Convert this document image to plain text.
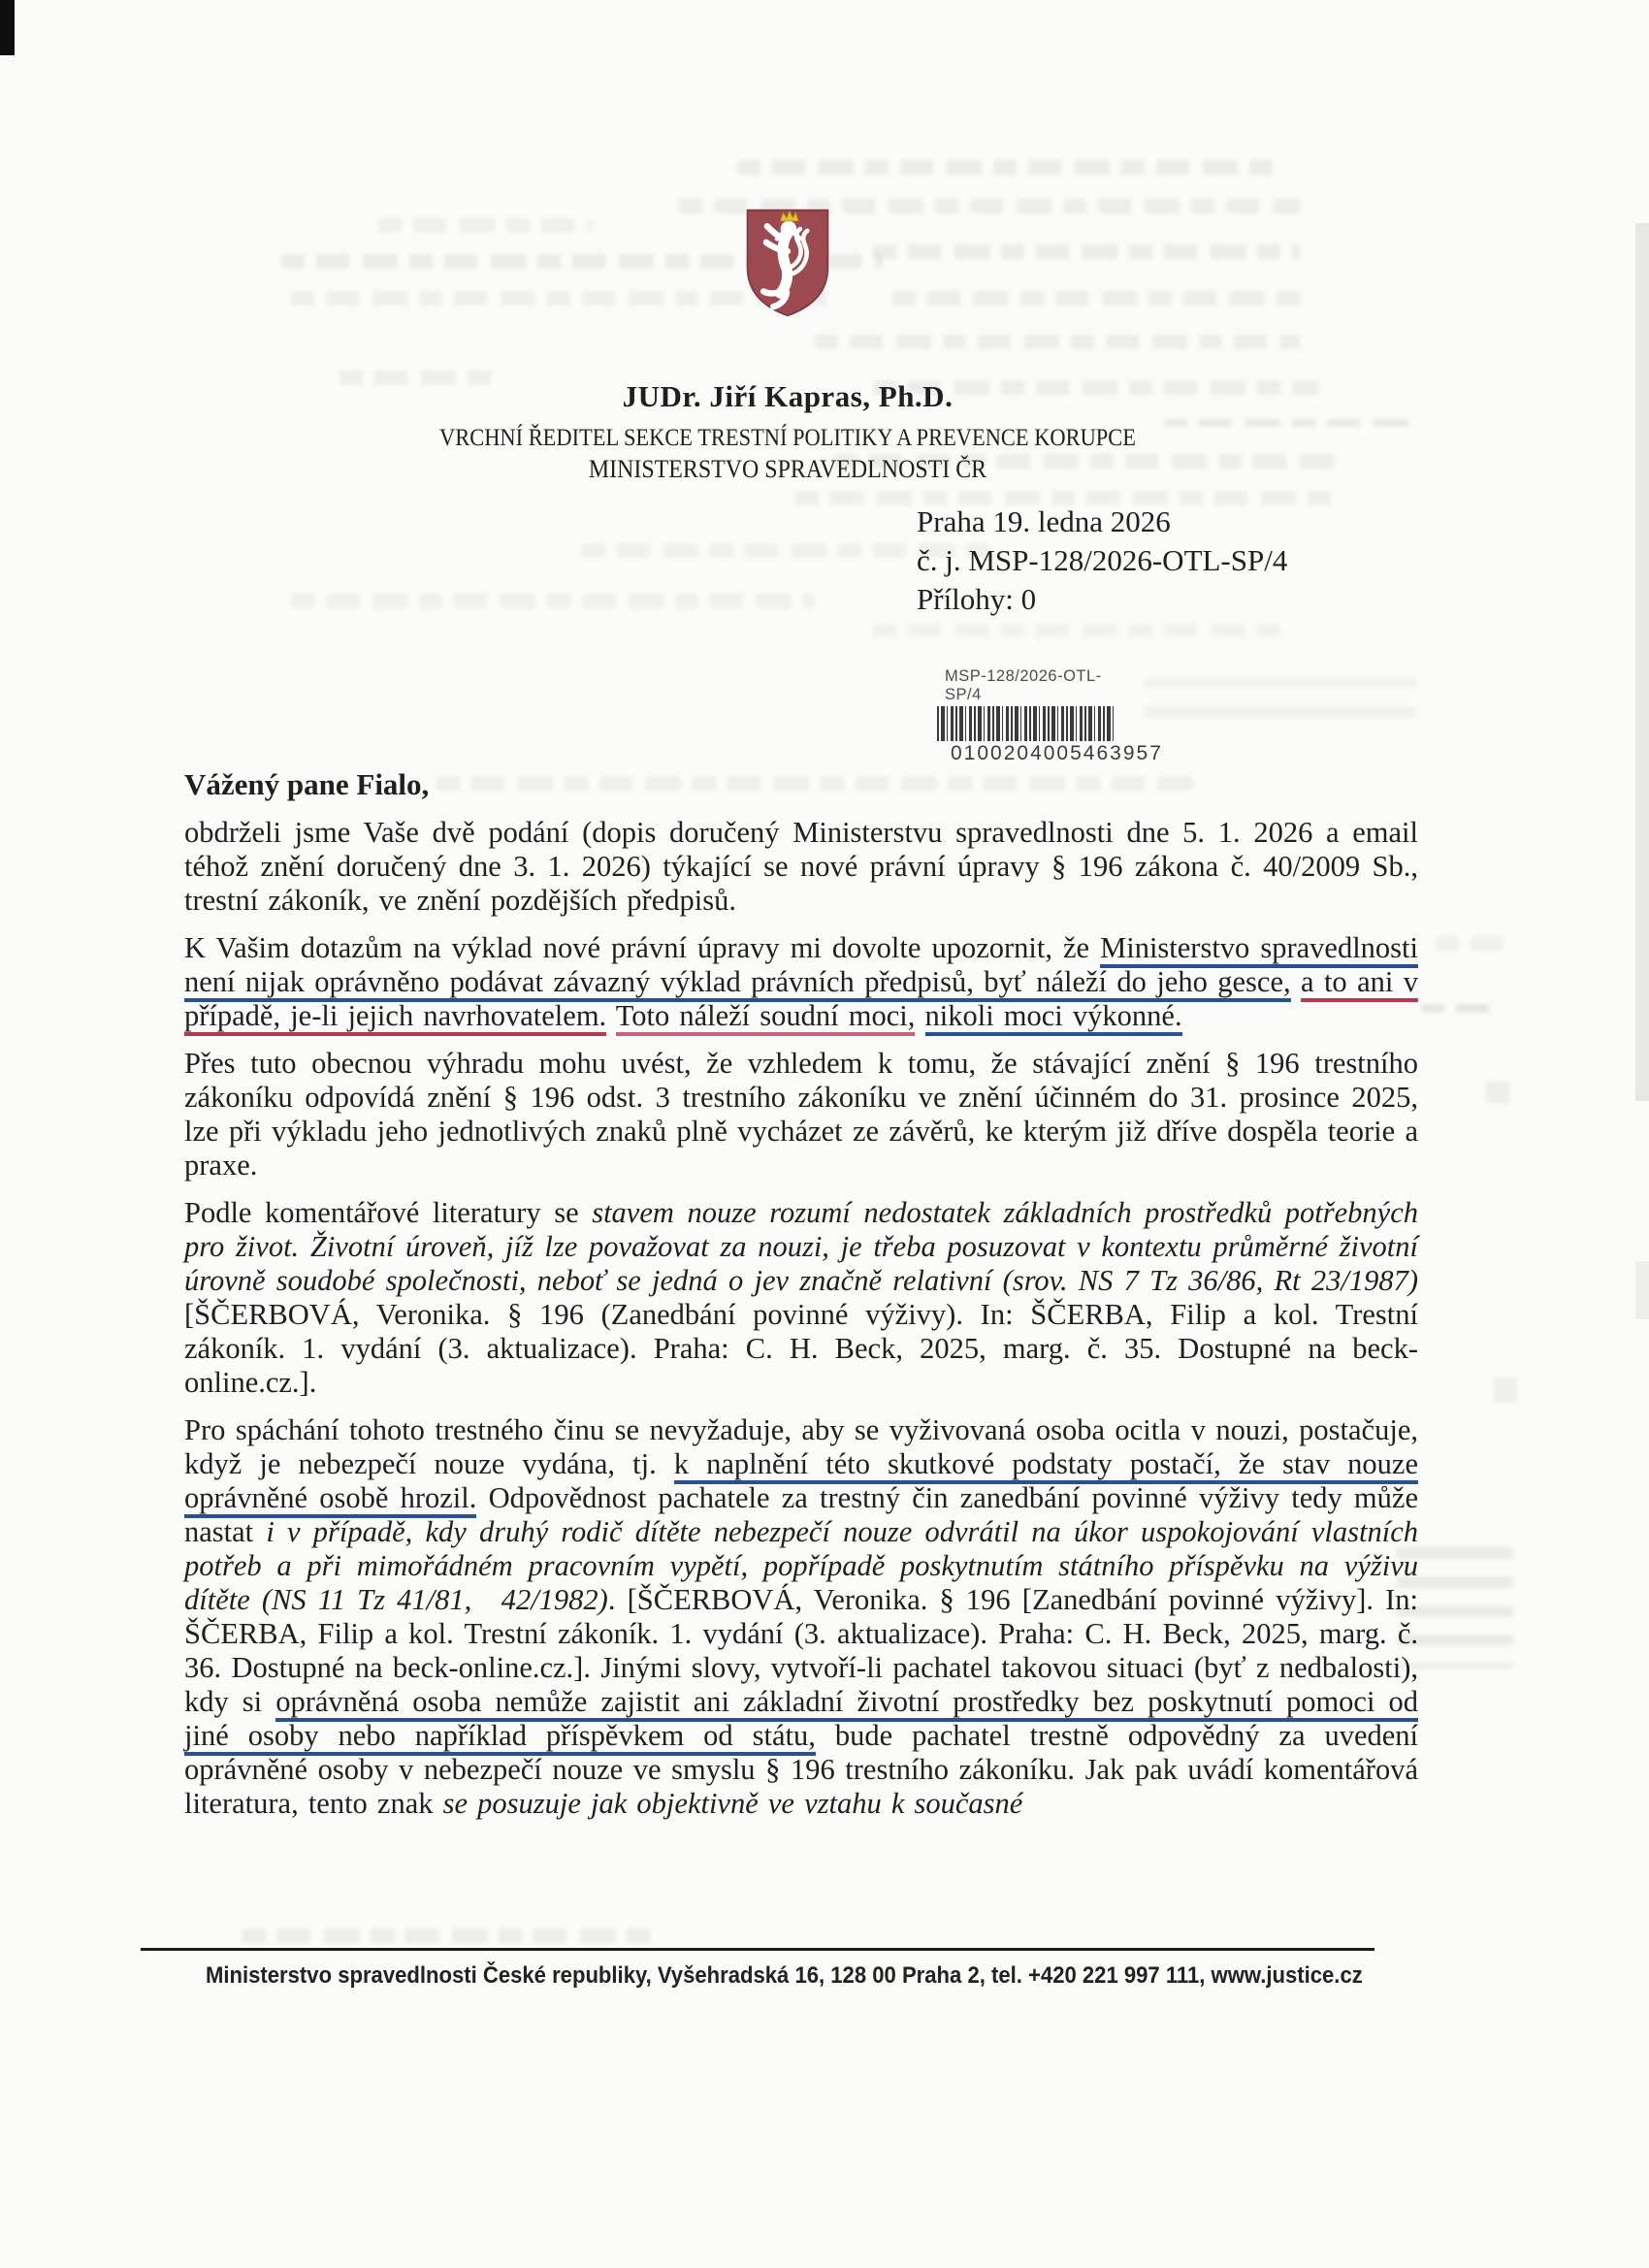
JUDr. Jiří Kapras, Ph.D.
VRCHNÍ ŘEDITEL SEKCE TRESTNÍ POLITIKY A PREVENCE KORUPCE
MINISTERSTVO SPRAVEDLNOSTI ČR
Praha 19. ledna 2026
č. j. MSP-128/2026-OTL-SP/4
Přílohy: 0
MSP-128/2026-OTL-SP/4
0100204005463957
Vážený pane Fialo,

obdrželi jsme Vaše dvě podání (dopis doručený Ministerstvu spravedlnosti dne 5. 1. 2026 a email téhož znění doručený dne 3. 1. 2026) týkající se nové právní úpravy § 196 zákona č. 40/2009 Sb., trestní zákoník, ve znění pozdějších předpisů.

K Vašim dotazům na výklad nové právní úpravy mi dovolte upozornit, že Ministerstvo spravedlnosti není nijak oprávněno podávat závazný výklad právních předpisů, byť náleží do jeho gesce, a to ani v případě, je-li jejich navrhovatelem. Toto náleží soudní moci, nikoli moci výkonné.

Přes tuto obecnou výhradu mohu uvést, že vzhledem k tomu, že stávající znění § 196 trestního zákoníku odpovídá znění § 196 odst. 3 trestního zákoníku ve znění účinném do 31. prosince 2025, lze při výkladu jeho jednotlivých znaků plně vycházet ze závěrů, ke kterým již dříve dospěla teorie a praxe.

Podle komentářové literatury se stavem nouze rozumí nedostatek základních prostředků potřebných pro život. Životní úroveň, jíž lze považovat za nouzi, je třeba posuzovat v kontextu průměrné životní úrovně soudobé společnosti, neboť se jedná o jev značně relativní (srov. NS 7 Tz 36/86, Rt 23/1987) [ŠČERBOVÁ, Veronika. § 196 (Zanedbání povinné výživy). In: ŠČERBA, Filip a kol. Trestní zákoník. 1. vydání (3. aktualizace). Praha: C. H. Beck, 2025, marg. č. 35. Dostupné na beck-online.cz.].

Pro spáchání tohoto trestného činu se nevyžaduje, aby se vyživovaná osoba ocitla v nouzi, postačuje, když je nebezpečí nouze vydána, tj. k naplnění této skutkové podstaty postačí, že stav nouze oprávněné osobě hrozil. Odpovědnost pachatele za trestný čin zanedbání povinné výživy tedy může nastat i v případě, kdy druhý rodič dítěte nebezpečí nouze odvrátil na úkor uspokojování vlastních potřeb a při mimořádném pracovním vypětí, popřípadě poskytnutím státního příspěvku na výživu dítěte (NS 11 Tz 41/81,  42/1982). [ŠČERBOVÁ, Veronika. § 196 [Zanedbání povinné výživy]. In: ŠČERBA, Filip a kol. Trestní zákoník. 1. vydání (3. aktualizace). Praha: C. H. Beck, 2025, marg. č. 36. Dostupné na beck-online.cz.]. Jinými slovy, vytvoří-li pachatel takovou situaci (byť z nedbalosti), kdy si oprávněná osoba nemůže zajistit ani základní životní prostředky bez poskytnutí pomoci od jiné osoby nebo například příspěvkem od státu, bude pachatel trestně odpovědný za uvedení oprávněné osoby v nebezpečí nouze ve smyslu § 196 trestního zákoníku. Jak pak uvádí komentářová literatura, tento znak se posuzuje jak objektivně ve vztahu k současné

Ministerstvo spravedlnosti České republiky, Vyšehradská 16, 128 00 Praha 2, tel. +420 221 997 111, www.justice.cz
